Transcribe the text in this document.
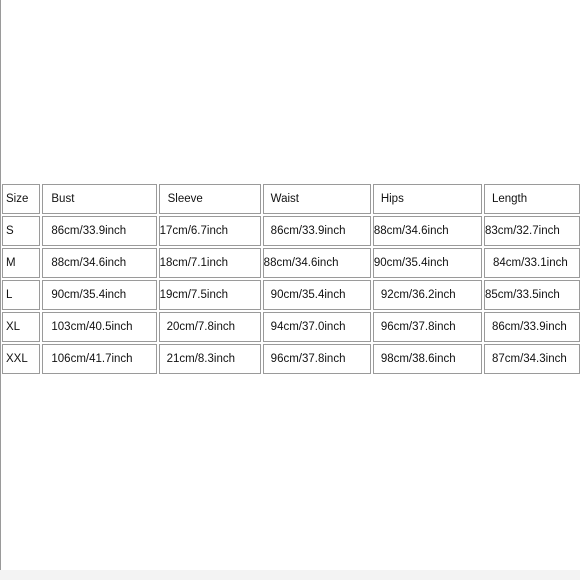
Size	Bust	Sleeve	Waist	Hips	Length
S	86cm/33.9inch	17cm/6.7inch	86cm/33.9inch	88cm/34.6inch	83cm/32.7inch
M	88cm/34.6inch	18cm/7.1inch	88cm/34.6inch	90cm/35.4inch	84cm/33.1inch
L	90cm/35.4inch	19cm/7.5inch	90cm/35.4inch	92cm/36.2inch	85cm/33.5inch
XL	103cm/40.5inch	20cm/7.8inch	94cm/37.0inch	96cm/37.8inch	86cm/33.9inch
XXL	106cm/41.7inch	21cm/8.3inch	96cm/37.8inch	98cm/38.6inch	87cm/34.3inch
